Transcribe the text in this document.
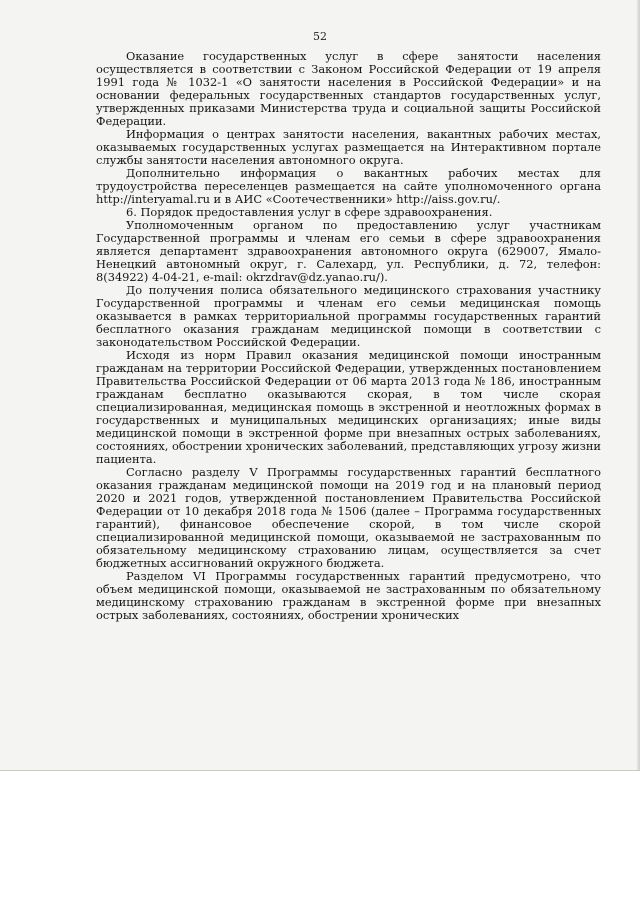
52

Оказание государственных услуг в сфере занятости населения осуществляется в соответствии с Законом Российской Федерации от 19 апреля 1991 года № 1032-1 «О занятости населения в Российской Федерации» и на основании федеральных государственных стандартов государственных услуг, утвержденных приказами Министерства труда и социальной защиты Российской Федерации.

Информация о центрах занятости населения, вакантных рабочих местах, оказываемых государственных услугах размещается на Интерактивном портале службы занятости населения автономного округа.

Дополнительно информация о вакантных рабочих местах для трудоустройства переселенцев размещается на сайте уполномоченного органа http://interyamal.ru и в АИС «Соотечественники» http://aiss.gov.ru/.

6. Порядок предоставления услуг в сфере здравоохранения.

Уполномоченным органом по предоставлению услуг участникам Государственной программы и членам его семьи в сфере здравоохранения является департамент здравоохранения автономного округа (629007, Ямало-Ненецкий автономный округ, г. Салехард, ул. Республики, д. 72, телефон: 8(34922) 4-04-21, e-mail: okrzdrav@dz.yanao.ru/).

До получения полиса обязательного медицинского страхования участнику Государственной программы и членам его семьи медицинская помощь оказывается в рамках территориальной программы государственных гарантий бесплатного оказания гражданам медицинской помощи в соответствии с законодательством Российской Федерации.

Исходя из норм Правил оказания медицинской помощи иностранным гражданам на территории Российской Федерации, утвержденных постановлением Правительства Российской Федерации от 06 марта 2013 года № 186, иностранным гражданам бесплатно оказываются скорая, в том числе скорая специализированная, медицинская помощь в экстренной и неотложных формах в государственных и муниципальных медицинских организациях; иные виды медицинской помощи в экстренной форме при внезапных острых заболеваниях, состояниях, обострении хронических заболеваний, представляющих угрозу жизни пациента.

Согласно разделу V Программы государственных гарантий бесплатного оказания гражданам медицинской помощи на 2019 год и на плановый период 2020 и 2021 годов, утвержденной постановлением Правительства Российской Федерации от 10 декабря 2018 года № 1506 (далее – Программа государственных гарантий), финансовое обеспечение скорой, в том числе скорой специализированной медицинской помощи, оказываемой не застрахованным по обязательному медицинскому страхованию лицам, осуществляется за счет бюджетных ассигнований окружного бюджета.

Разделом VI Программы государственных гарантий предусмотрено, что объем медицинской помощи, оказываемой не застрахованным по обязательному медицинскому страхованию гражданам в экстренной форме при внезапных острых заболеваниях, состояниях, обострении хронических
